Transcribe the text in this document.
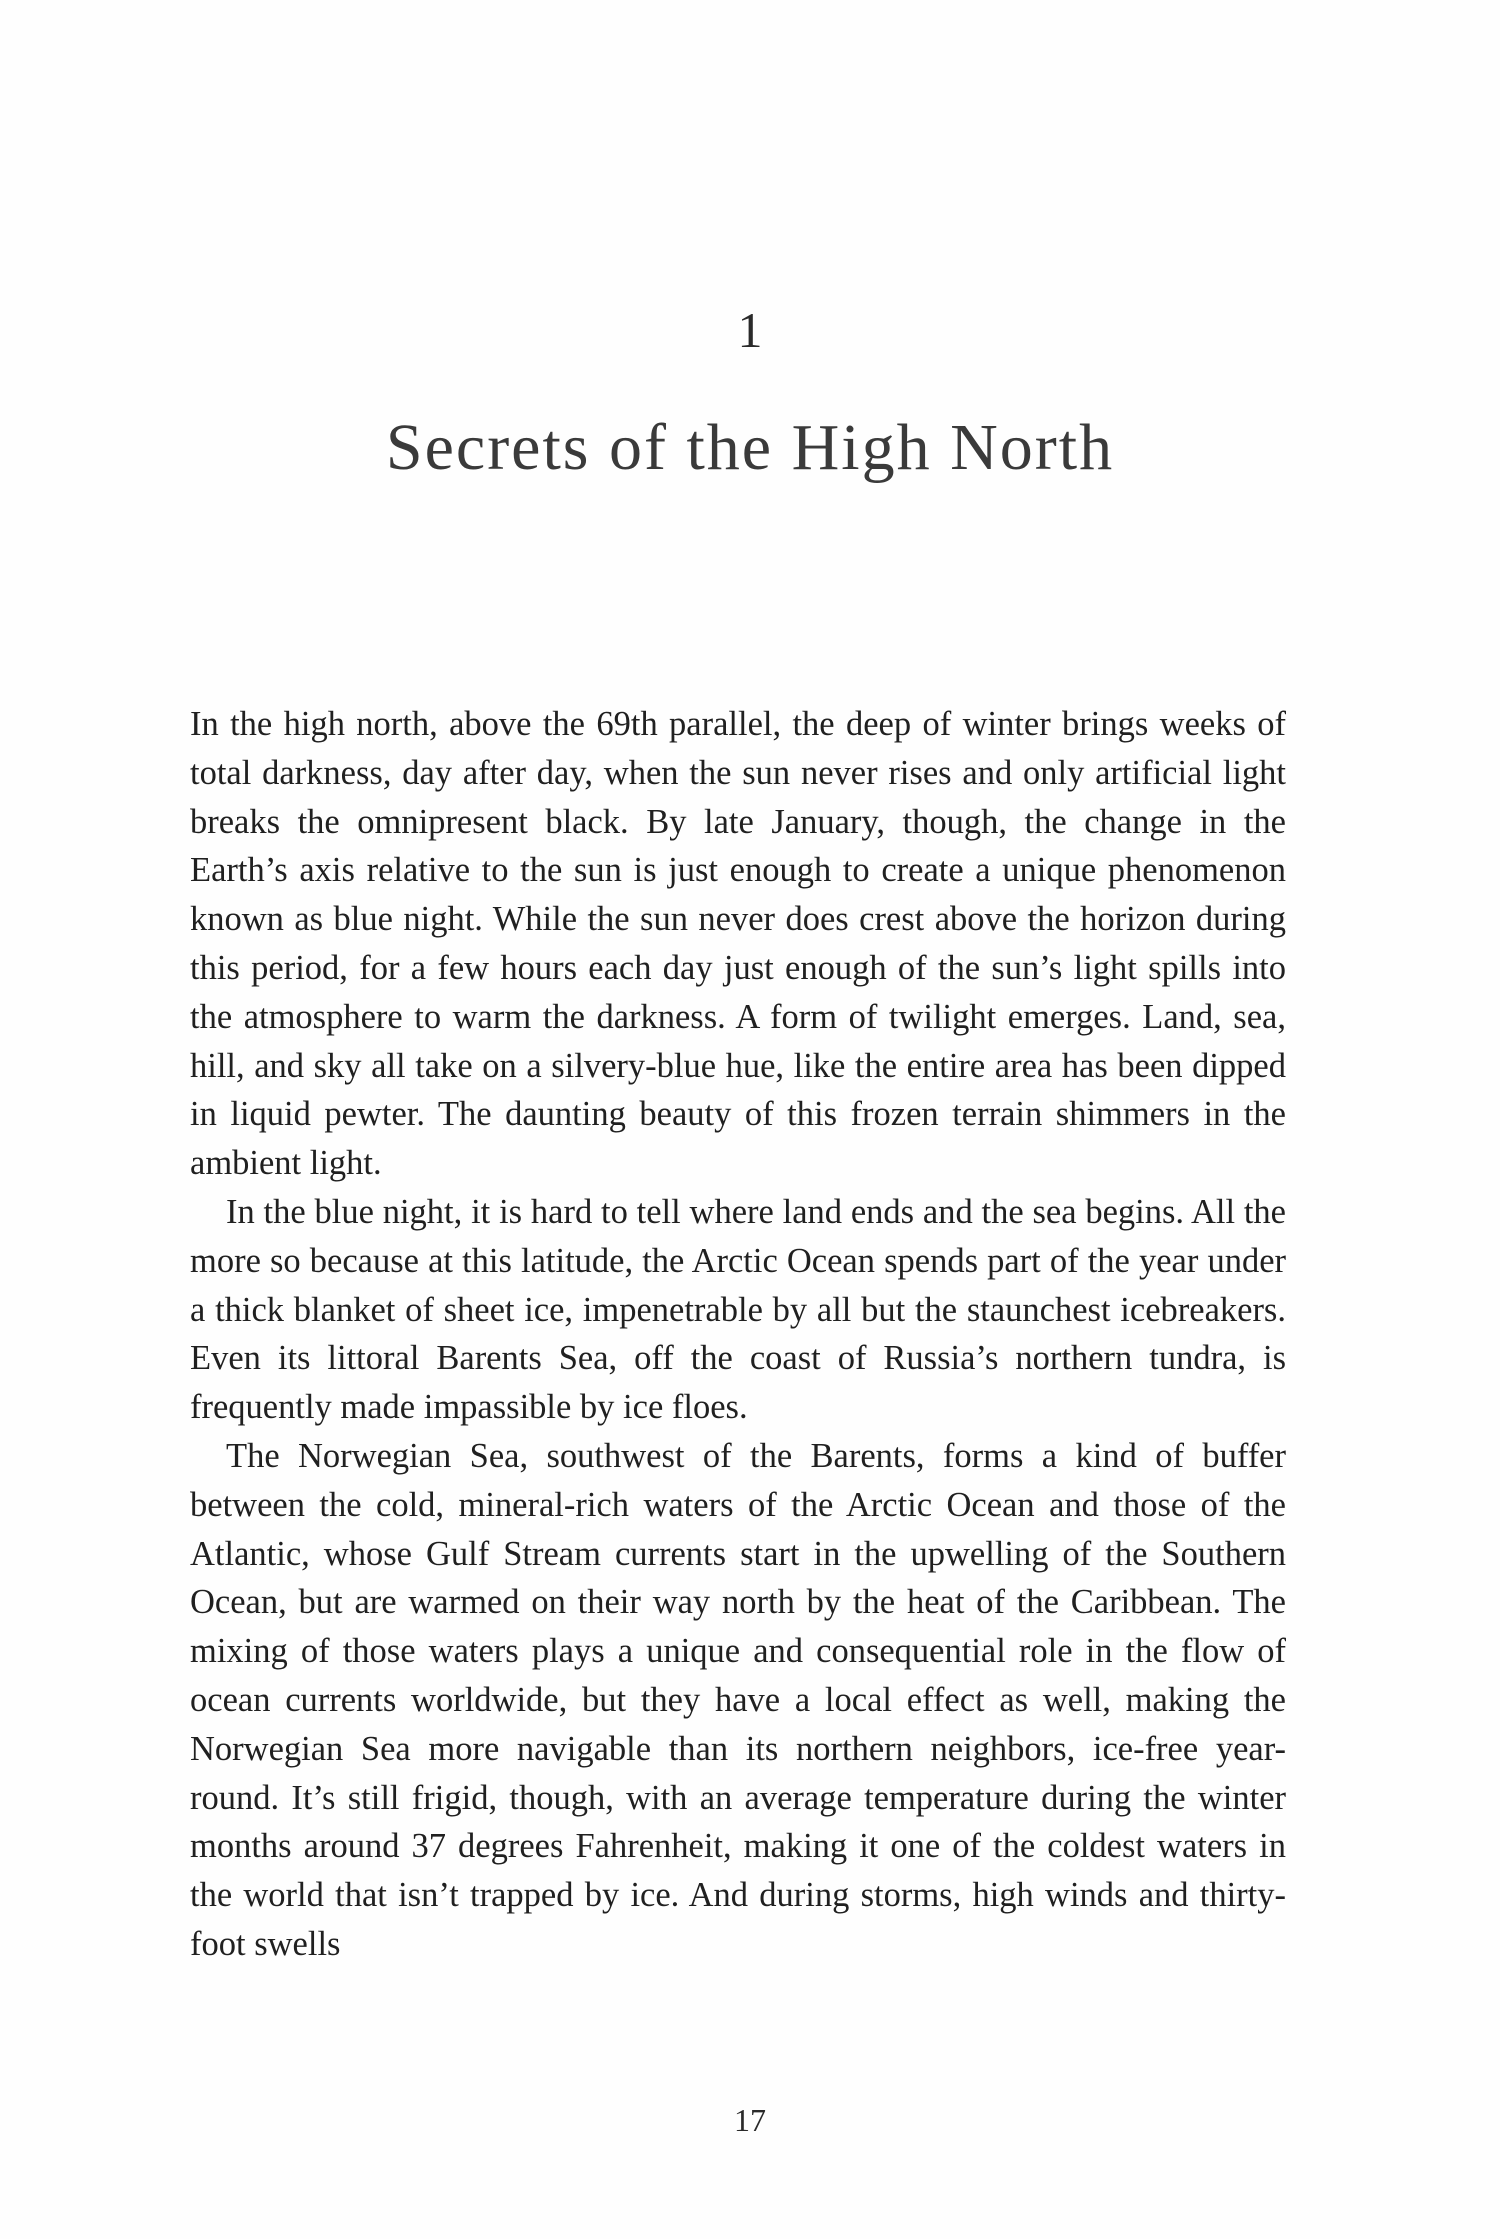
1
Secrets of the High North

In the high north, above the 69th parallel, the deep of winter brings weeks of total darkness, day after day, when the sun never rises and only artificial light breaks the omnipresent black. By late January, though, the change in the Earth’s axis relative to the sun is just enough to create a unique phenomenon known as blue night. While the sun never does crest above the horizon during this period, for a few hours each day just enough of the sun’s light spills into the atmosphere to warm the darkness. A form of twilight emerges. Land, sea, hill, and sky all take on a silvery-blue hue, like the entire area has been dipped in liquid pewter. The daunting beauty of this frozen terrain shimmers in the ambient light.

In the blue night, it is hard to tell where land ends and the sea begins. All the more so because at this latitude, the Arctic Ocean spends part of the year under a thick blanket of sheet ice, impenetrable by all but the staunchest icebreakers. Even its littoral Barents Sea, off the coast of Russia’s northern tundra, is frequently made impassible by ice floes.

The Norwegian Sea, southwest of the Barents, forms a kind of buffer between the cold, mineral-rich waters of the Arctic Ocean and those of the Atlantic, whose Gulf Stream currents start in the upwelling of the Southern Ocean, but are warmed on their way north by the heat of the Caribbean. The mixing of those waters plays a unique and consequential role in the flow of ocean currents worldwide, but they have a local effect as well, making the Norwegian Sea more navigable than its northern neighbors, ice-free year-round. It’s still frigid, though, with an average temperature during the winter months around 37 degrees Fahrenheit, making it one of the coldest waters in the world that isn’t trapped by ice. And during storms, high winds and thirty-foot swells

17
